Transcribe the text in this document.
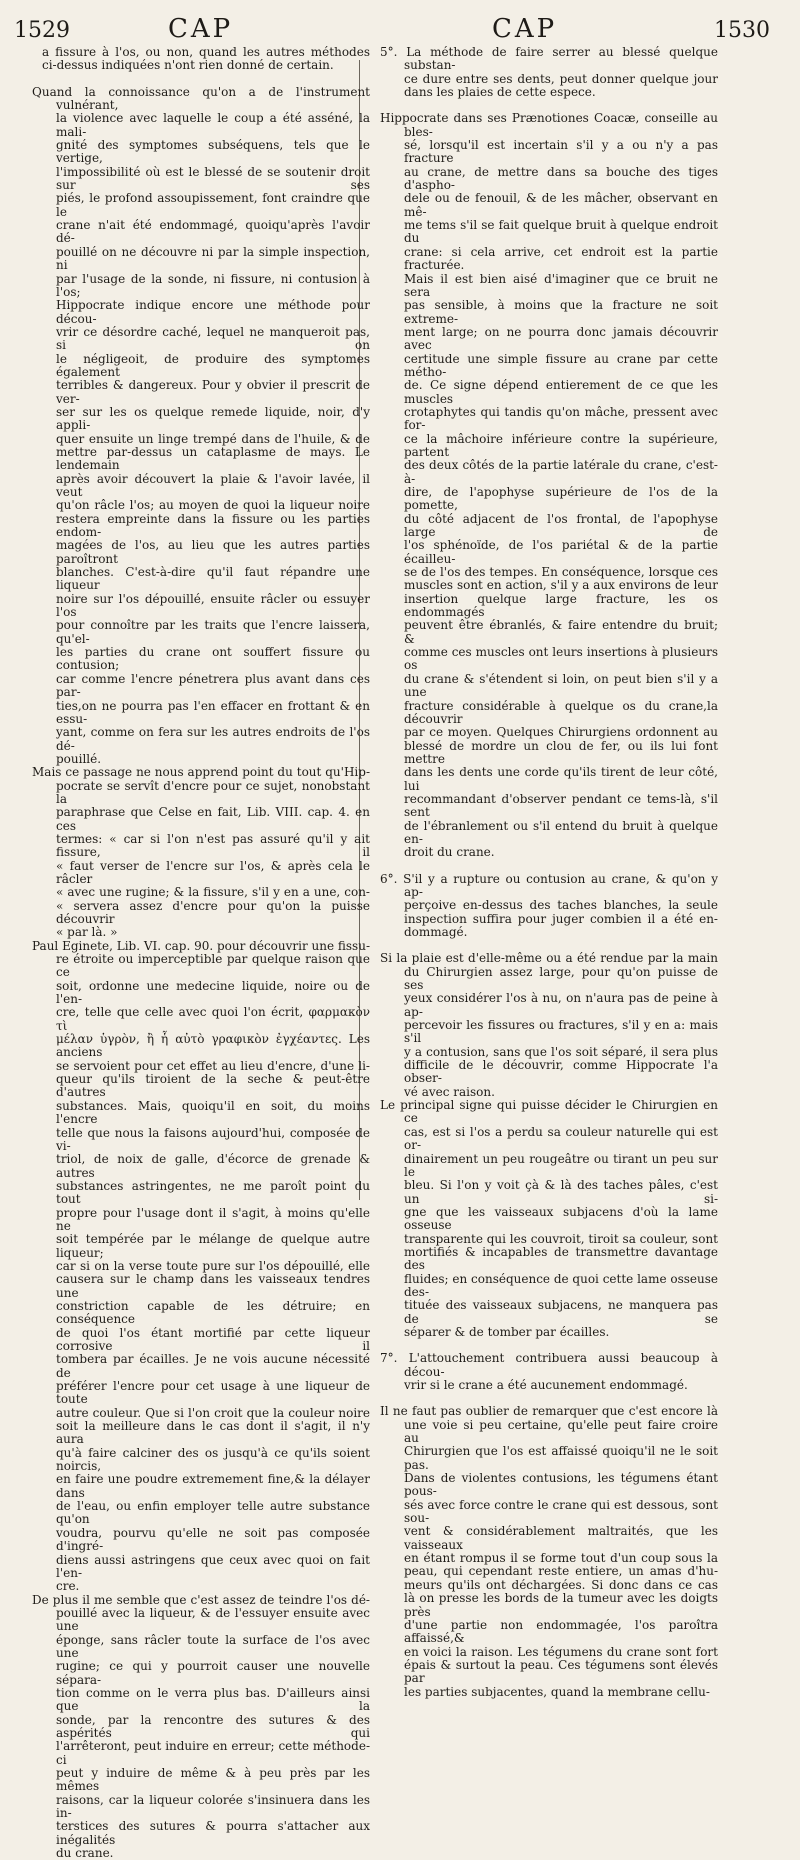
1529	CAP	CAP	1530
a fissure à l'os, ou non, quand les autres méthodes
ci-dessus indiquées n'ont rien donné de certain.
Quand la connoissance qu'on a de l'instrument vulnérant,
la violence avec laquelle le coup a été asséné, la mali-
gnité des symptomes subséquens, tels que le vertige,
l'impossibilité où est le blessé de se soutenir droit sur ses
piés, le profond assoupissement, font craindre que le
crane n'ait été endommagé, quoiqu'après l'avoir dé-
pouillé on ne découvre ni par la simple inspection, ni
par l'usage de la sonde, ni fissure, ni contusion à l'os;
Hippocrate indique encore une méthode pour décou-
vrir ce désordre caché, lequel ne manqueroit pas, si on
le négligeoit, de produire des symptomes également
terribles & dangereux. Pour y obvier il prescrit de ver-
ser sur les os quelque remede liquide, noir, d'y appli-
quer ensuite un linge trempé dans de l'huile, & de
mettre par-dessus un cataplasme de mays. Le lendemain
après avoir découvert la plaie & l'avoir lavée, il veut
qu'on râcle l'os; au moyen de quoi la liqueur noire
restera empreinte dans la fissure ou les parties endom-
magées de l'os, au lieu que les autres parties paroîtront
blanches. C'est-à-dire qu'il faut répandre une liqueur
noire sur l'os dépouillé, ensuite râcler ou essuyer l'os
pour connoître par les traits que l'encre laissera, qu'el-
les parties du crane ont souffert fissure ou contusion;
car comme l'encre pénetrera plus avant dans ces par-
ties,on ne pourra pas l'en effacer en frottant & en essu-
yant, comme on fera sur les autres endroits de l'os dé-
pouillé.
Mais ce passage ne nous apprend point du tout qu'Hip-
pocrate se servît d'encre pour ce sujet, nonobstant la
paraphrase que Celse en fait, Lib. VIII. cap. 4. en ces
termes: « car si l'on n'est pas assuré qu'il y ait fissure, il
« faut verser de l'encre sur l'os, & après cela le râcler
« avec une rugine; & la fissure, s'il y en a une, con-
« servera assez d'encre pour qu'on la puisse découvrir
« par là. »
Paul Eginete, Lib. VI. cap. 90. pour découvrir une fissu-
re étroite ou imperceptible par quelque raison que ce
soit, ordonne une medecine liquide, noire ou de l'en-
cre, telle que celle avec quoi l'on écrit, φαρμακὸν τὶ
μέλαν ὑγρὸν, ἢ ἧ αὐτὸ γραφικὸν ἐγχέαντες. Les anciens
se servoient pour cet effet au lieu d'encre, d'une li-
queur qu'ils tiroient de la seche & peut-être d'autres
substances. Mais, quoiqu'il en soit, du moins l'encre
telle que nous la faisons aujourd'hui, composée de vi-
triol, de noix de galle, d'écorce de grenade & autres
substances astringentes, ne me paroît point du tout
propre pour l'usage dont il s'agit, à moins qu'elle ne
soit tempérée par le mélange de quelque autre liqueur;
car si on la verse toute pure sur l'os dépouillé, elle
causera sur le champ dans les vaisseaux tendres une
constriction capable de les détruire; en conséquence
de quoi l'os étant mortifié par cette liqueur corrosive il
tombera par écailles. Je ne vois aucune nécessité de
préférer l'encre pour cet usage à une liqueur de toute
autre couleur. Que si l'on croit que la couleur noire
soit la meilleure dans le cas dont il s'agit, il n'y aura
qu'à faire calciner des os jusqu'à ce qu'ils soient noircis,
en faire une poudre extremement fine,& la délayer dans
de l'eau, ou enfin employer telle autre substance qu'on
voudra, pourvu qu'elle ne soit pas composée d'ingré-
diens aussi astringens que ceux avec quoi on fait l'en-
cre.
De plus il me semble que c'est assez de teindre l'os dé-
pouillé avec la liqueur, & de l'essuyer ensuite avec une
éponge, sans râcler toute la surface de l'os avec une
rugine; ce qui y pourroit causer une nouvelle sépara-
tion comme on le verra plus bas. D'ailleurs ainsi que la
sonde, par la rencontre des sutures & des aspérités qui
l'arrêteront, peut induire en erreur; cette méthode-ci
peut y induire de même & à peu près par les mêmes
raisons, car la liqueur colorée s'insinuera dans les in-
terstices des sutures & pourra s'attacher aux inégalités
du crane.
5°. La méthode de faire serrer au blessé quelque substan-
ce dure entre ses dents, peut donner quelque jour
dans les plaies de cette espece.
Hippocrate dans ses Prænotiones Coacæ, conseille au bles-
sé, lorsqu'il est incertain s'il y a ou n'y a pas fracture
au crane, de mettre dans sa bouche des tiges d'aspho-
dele ou de fenouil, & de les mâcher, observant en mê-
me tems s'il se fait quelque bruit à quelque endroit du
crane: si cela arrive, cet endroit est la partie fracturée.
Mais il est bien aisé d'imaginer que ce bruit ne sera
pas sensible, à moins que la fracture ne soit extreme-
ment large; on ne pourra donc jamais découvrir avec
certitude une simple fissure au crane par cette métho-
de. Ce signe dépend entierement de ce que les muscles
crotaphytes qui tandis qu'on mâche, pressent avec for-
ce la mâchoire inférieure contre la supérieure, partent
des deux côtés de la partie latérale du crane, c'est-à-
dire, de l'apophyse supérieure de l'os de la pomette,
du côté adjacent de l'os frontal, de l'apophyse large de
l'os sphénoïde, de l'os pariétal & de la partie écailleu-
se de l'os des tempes. En conséquence, lorsque ces
muscles sont en action, s'il y a aux environs de leur
insertion quelque large fracture, les os endommagés
peuvent être ébranlés, & faire entendre du bruit; &
comme ces muscles ont leurs insertions à plusieurs os
du crane & s'étendent si loin, on peut bien s'il y a une
fracture considérable à quelque os du crane,la découvrir
par ce moyen. Quelques Chirurgiens ordonnent au
blessé de mordre un clou de fer, ou ils lui font mettre
dans les dents une corde qu'ils tirent de leur côté, lui
recommandant d'observer pendant ce tems-là, s'il sent
de l'ébranlement ou s'il entend du bruit à quelque en-
droit du crane.
6°. S'il y a rupture ou contusion au crane, & qu'on y ap-
perçoive en-dessus des taches blanches, la seule
inspection suffira pour juger combien il a été en-
dommagé.
Si la plaie est d'elle-même ou a été rendue par la main
du Chirurgien assez large, pour qu'on puisse de ses
yeux considérer l'os à nu, on n'aura pas de peine à ap-
percevoir les fissures ou fractures, s'il y en a: mais s'il
y a contusion, sans que l'os soit séparé, il sera plus
difficile de le découvrir, comme Hippocrate l'a obser-
vé avec raison.
Le principal signe qui puisse décider le Chirurgien en ce
cas, est si l'os a perdu sa couleur naturelle qui est or-
dinairement un peu rougeâtre ou tirant un peu sur le
bleu. Si l'on y voit çà & là des taches pâles, c'est un si-
gne que les vaisseaux subjacens d'où la lame osseuse
transparente qui les couvroit, tiroit sa couleur, sont
mortifiés & incapables de transmettre davantage des
fluides; en conséquence de quoi cette lame osseuse des-
tituée des vaisseaux subjacens, ne manquera pas de se
séparer & de tomber par écailles.
7°. L'attouchement contribuera aussi beaucoup à décou-
vrir si le crane a été aucunement endommagé.
Il ne faut pas oublier de remarquer que c'est encore là
une voie si peu certaine, qu'elle peut faire croire au
Chirurgien que l'os est affaissé quoiqu'il ne le soit pas.
Dans de violentes contusions, les tégumens étant pous-
sés avec force contre le crane qui est dessous, sont sou-
vent & considérablement maltraités, que les vaisseaux
en étant rompus il se forme tout d'un coup sous la
peau, qui cependant reste entiere, un amas d'hu-
meurs qu'ils ont déchargées. Si donc dans ce cas
là on presse les bords de la tumeur avec les doigts près
d'une partie non endommagée, l'os paroîtra affaissé,&
en voici la raison. Les tégumens du crane sont fort
épais & surtout la peau. Ces tégumens sont élevés par
les parties subjacentes, quand la membrane cellu-
